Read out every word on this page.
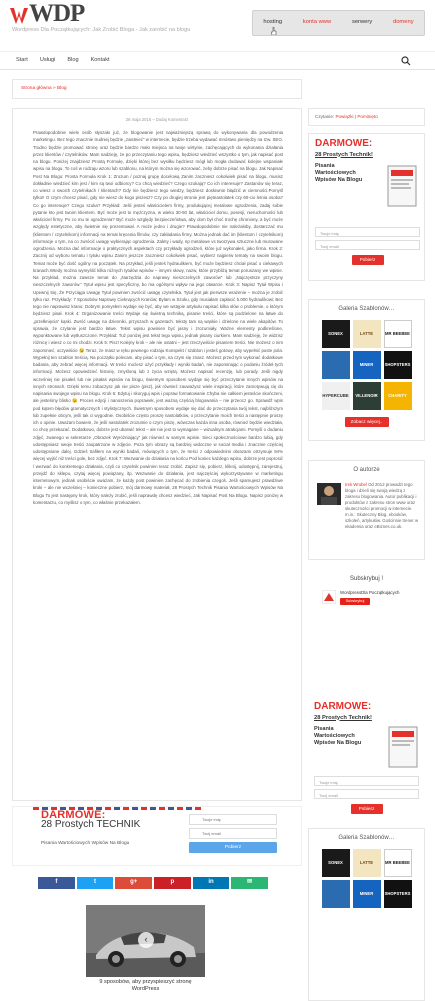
WDP
Wordpress Dla Początkujących: Jak Zrobić Bloga - Jak zarobić na blogu
hosting	konta www	serwery	domeny
Start Usługi Blog Kontakt
Strona główna » Blog
Czytanie: Powiązki | Pominięto
26 maja 2016 – Dodaj Komentarz
Prawdopodobnie wiele osób słyszało już, że blogowanie jest najważniejszą sprawą do wykonywania dla powodzenia marketingu. Bez tego znacznie trudniej będzie „zaistnieć” w internecie, będzie trzeba wydawać mnóstwo pieniędzy na tzw. SEO. Trudno będzie promować stronę oraz będzie bardzo mało miejsca na twoje wirtynie, zachęcających do wykonania działania przez klientów / czytelników. Mam nadzieję, że po przeczytaniu tego wpisu, będziesz wiedzieć wszystko o tym, jak napisać post na blogu. Poniżej znajdziesz Prostą Formułę, dzięki której bez wysiłku będziesz mógł lub mogła dodawać kolejne wspaniałe wpisu na blogu. To coś w rodzaju wzoru lub szablonu, na którym można się wzorować, żeby dobrze pisać na blogu. Jak Napisać Post Na Blogu: Prosta Formuła Krok 1: Zrozum / poznaj grupę docelową Zanim zaczniesz cokolwiek pisać na blogu, musisz dokładnie wiedzieć kim jest / kim są twoi odbiorcy? Co chcą wiedzieć? Czego szukają? Co ich interesuje? Zastanów się teraz, co wiesz o swoich czytelnikach / klientach? Gdy nie będziesz tego wiedzy, będziesz dosłownie błądzić w ciemności.Pomyśl tylko!! O czym chcesz pisać, gdy nie wiesz do kogo piszesz? Czy po drugiej stronie jest piętnastolatek czy 60-cio letnia osoba? Co go interesuje? Czego szuka? Przykład: Jeśli jesteś właścicielem firmy, produkującej metalowe ogrodzenia, zadaj sobie pytanie kto jest twoim klientem. Być może jest to mężczyzna, w wieku 30-50 lat, właściciel domu, posesji, nieruchomości lub właściciel firmy. Po co mu te ogrodzenia? Być może względy bezpieczeństwa, aby dom był choć trochę chroniony, a być może względy estetyczne, aby świetnie się prezentował. A może jedno i drugie? Prawdopodobnie nie należałoby, dostarczać mu (klientom / czytelnikom) informacji na temat kręcenia filmów, czy zakładania firmy. Można jednak dać im (klientom / czytelnikom) informacje o tym, na co zwrócić uwagę wybierając ogrodzenia. Zalety i wady, np metalowe vs tworzywa sztuczne lub murowane ogrodzenia. Można dać informacje o praktycznych aspektach czy przykłady ogrodzeń, które już wykonałeś, jako firma. Krok 2: Zacznij od wyboru tematu i tytułu wpisu Zanim jeszcze zaczniesz cokolwiek pisać, wybierz najpierw tematy na swoim blogu. Temat może być dość ogólny na początek. Na przykład, jeśli jesteś hydraulikiem, być może będziesz chciał pisać o ciekawych kranach.Wtedy można wymyślić kilka różnych tytułów wpisów – innymi słowy, nazw, które przybliżą temat poruszany we wpisie. Na przykład, można zawsze temat do „Narzędzia do naprawy nieszczelnych zaworów” lub „Najczęstsze przyczyny nieszczelnych zaworów.” Tytuł wpisu jest specyficzny, bo ma ogólnymi wpływ na jego otwarcie. Krok 3: Napisz Tytuł Wpisu i Upewnij Się, Że Przyciąga Uwagę Tytuł powinien zwrócić uwagę czytelnika. Tytuł jest jak pierwsze wrażenie – można je zrobić tylko raz. Przykłady: 7 Sposobów Naprawy Cieknących Kranów; Bylam w Szoku, gdy musiałam zapłacić 5.000 hydraulikowi; Bez tego nie naprawisz kranu; Dobrym pomysłem wydaje się być, aby we wstępie artykułu napisać kilka słów o problemie, o którym będziesz pisał. Krok 4: Organizowanie treści Wydaje się świetną techniką, pisanie treści, które są podzielone na łatwe do „przełknięcia” kąski. Zwróć uwagę na dzienniki, przyszach w gazetach. teksty tam są wąskie i dzielone na wiele akapitów. To sprawia, że czytanie jest bardzo łatwe. Tekst wpisu powinien być jasny i zrozumiały. Ważne elementy podkreślone, wypunktowane lub wytłuszczone. Przykład: Tuż poniżej jest tekst tego wpisu, jednak pisany ciurkiem. Mam nadzieję, że widzisz różnicę i wiesz o co mi chodzi. Krok 5: Pisz! Kolejny krok – ale nie ostatni – jest rzeczywiście pisaniem treści. Nie możesz o nim zapomnieć, oczywiście 😉 Teraz, że masz w ręku pewnego rodzaju Konspekt / szablon i jesteś gotowy, aby wypełnić puste pola. Wypełnij ten szablon treścią. Na początku polecam, aby pisać o tym, na czym się znasz. Możesz przed tym wykonać dodatkowe badania, aby zebrać więcej informacji. W treści możesz użyć przykłady i wyniki badań, nie zapominając o podaniu źródeł tych informacji. Możesz opowiedzieć historię, zmyśloną lub z życia wziętą. Możesz napisać recenzję, lub porady. Jeśli nigdy wcześniej nie pisałeś lub nie pisałaś wpisów na blogu, świetnym sposobem wydaje się być przeczytanie innych wpisów na innych stronach. Dzięki temu zobaczysz jak nie pisze (pisz), jak również zauważysz wiele inspiracji, które zamotywują cię do napisania swojego wpisu na blogu. Krok 6: Edytuj i skoryguj wpis i popraw formatowanie Chyba nie całkiem jesteście skończeni, ale jesteśmy blisko 😉 Proces edycji i nanoszenia poprawek, jest ważną częścią blogowania – nie przeocz go. Sprawdź wpis pod kątem błędów gramatycznych i stylistycznych. Świetnym sposobem wydaje się dać do przeczytania twój tekst, najbliższym lub zupełnie obcym, jeśli tak ci wygodnie. Osobiście często proszę nastolatków, o przeczytanie moich treści a następnie proszę ich o opinie. Uważam bowiem, że jeśli nastolatek zrozumie o czym piszę, wówczas każda inna osoba, również będzie wiedziała, co chcę przekazać. Dodatkowo, dobrze jest ubarwić tekst – ale nie jest to wymagane – wizualnym atrakcjami. Pomyśl o dodaniu zdjęć, zwanego w sekretarze „Obrazek Wyróżniający” jak również w samym wpisie. Sieci społecznościowe bardzo lubią, gdy udostępniasz swoje treści zaopatrzone w zdjęcie. Poza tym obrazy są bardziej widoczne w social media i znacznie częściej udostępniane dalej. Gdzieś trafiłem na wyniki badań, mówiących o tym, że treści z odpowiednimi obrazami otrzymuje 94% więcej wyjść niż treści gole, bez zdjęć. Krok 7: Wezwanie do działania na końcu Pod koniec każdego wpisu, dobrze jest poprosić / wezwać do konkretnego działania, czyli co czytelnik powinien teraz zrobić. Zapisz się, pobierz, kliknij, udostępnij, zarejestruj, przejdź do sklepu, czytaj więcej powiązany, itp. Wezwanie do działania, jest najczęściej wykorzystywane w marketingu internetowym, jednak osobiście uważam, że każdy post powinien zachęcać do zrobienia czegoś. Jeśli spamujesz prawdziwe kroki – ale nie wcześniej – konieczne pobierz, mój darmowy materiał, 28 Prostych Technik Pisania Wartościowych Wpisów Na Blogu To jest następny krok, który należy zrobić, jeśli naprawdę chcesz wiedzieć, Jak Napisać Post Na Blogu. Napisz poniżej w komentarzu, co myślisz o tym, co właśnie przekazałem.
DARMOWE:
28 Prostych TECHNIK
Pisania Wartościowych Wpisów Na Blogu
Twoje imię
Twój email
Pobierz
f	t	g+	p	in	✉
‹
9 sposobów, aby przyspieszyć stronę WordPress
DARMOWE:
28 Prostych Technik!
Pisania Wartościowych Wpisów Na Blogu
Twoje imię
Twój email
Pobierz
Galeria Szablonów…
SONEX	LATTE	MR BEEBEE
MINER	SHOPSTERS
HYPERCUBE	VILLENOIR	CHARITY
Zobacz więcej..
O autorze
Irek Wrobel Od 2012 prowadzi tego bloga i dzieli się swoją wiedzą z zakresu blogowania. Autor publikacji i produktów z zakresu stron www oraz skuteczności promocji w internecie. m.in.: Skuteczny Blog, ebooków, szkoleń, artykułów. Gościnnie trener w ekademia oraz eBiznes.co.uk.
Subskrybuj !
WordpressDla Początkujących
Subskrybuj
DARMOWE:
28 Prostych Technik!
Pisania Wartościowych Wpisów Na Blogu
Twoje imię
Twój email
Pobierz
Galeria Szablonów…
SONEX	LATTE	MR BEEBEE
MINER	SHOPSTERS
